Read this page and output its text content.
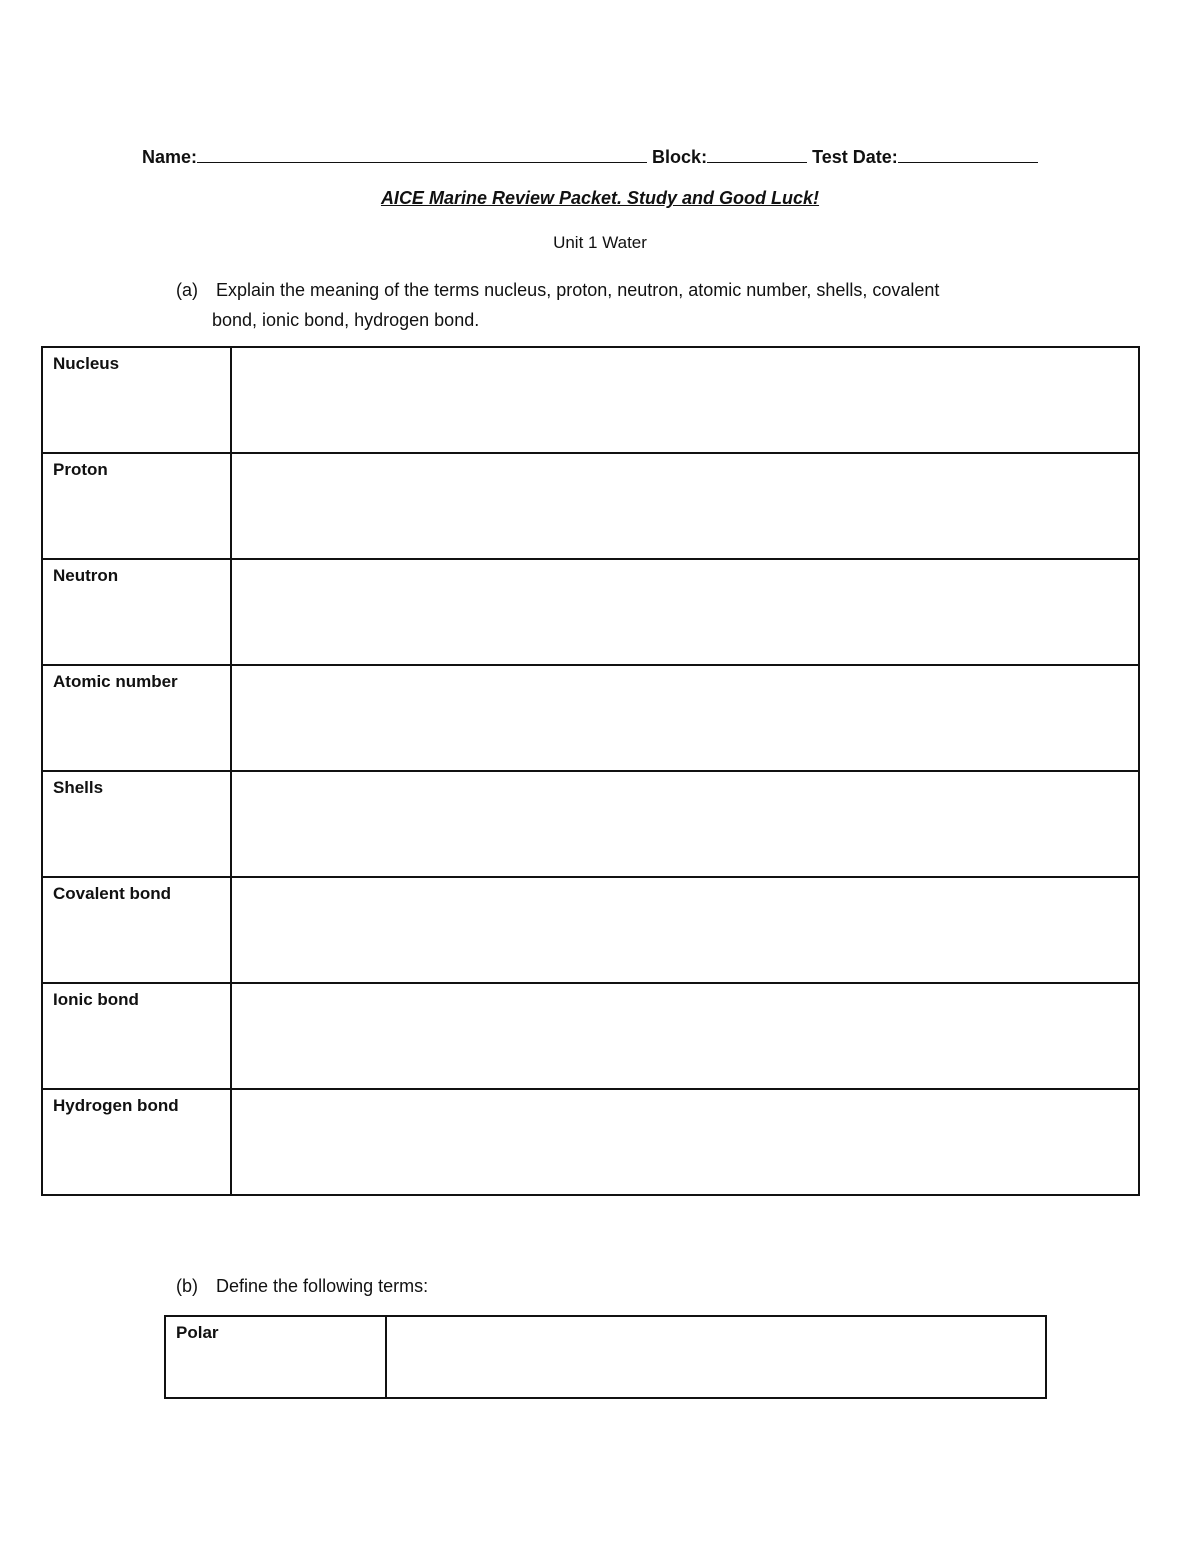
Name:	Block:	Test Date:
AICE Marine Review Packet. Study and Good Luck!
Unit 1 Water
(a) Explain the meaning of the terms nucleus, proton, neutron, atomic number, shells, covalent
bond, ionic bond, hydrogen bond.
Nucleus	
Proton	
Neutron	
Atomic number	
Shells	
Covalent bond	
Ionic bond	
Hydrogen bond	
(b) Define the following terms:
Polar	
